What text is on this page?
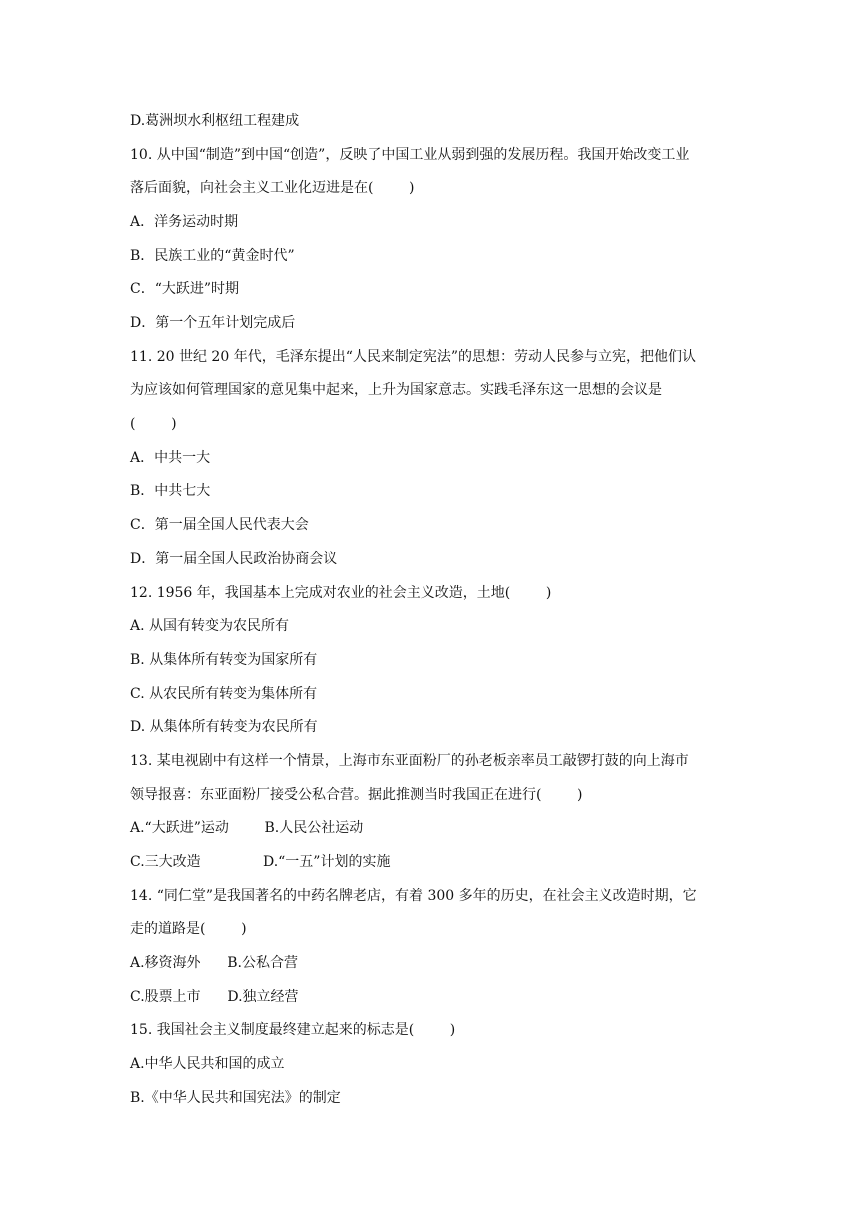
D.葛洲坝水利枢纽工程建成
10. 从中国“制造”到中国“创造”，反映了中国工业从弱到强的发展历程。我国开始改变工业
落后面貌，向社会主义工业化迈进是在(        )
A．洋务运动时期
B．民族工业的“黄金时代”
C．“大跃进”时期
D．第一个五年计划完成后
11. 20 世纪 20 年代，毛泽东提出“人民来制定宪法”的思想：劳动人民参与立宪，把他们认
为应该如何管理国家的意见集中起来，上升为国家意志。实践毛泽东这一思想的会议是
(        )
A．中共一大
B．中共七大
C．第一届全国人民代表大会
D．第一届全国人民政治协商会议
12. 1956 年，我国基本上完成对农业的社会主义改造，土地(        )
A. 从国有转变为农民所有
B. 从集体所有转变为国家所有
C. 从农民所有转变为集体所有
D. 从集体所有转变为农民所有
13. 某电视剧中有这样一个情景，上海市东亚面粉厂的孙老板亲率员工敲锣打鼓的向上海市
领导报喜：东亚面粉厂接受公私合营。据此推测当时我国正在进行(        )
A.“大跃进”运动        B.人民公社运动
C.三大改造              D.“一五”计划的实施
14. “同仁堂”是我国著名的中药名牌老店，有着 300 多年的历史，在社会主义改造时期，它
走的道路是(        )
A.移资海外      B.公私合营
C.股票上市      D.独立经营
15. 我国社会主义制度最终建立起来的标志是(        )
A.中华人民共和国的成立
B.《中华人民共和国宪法》的制定
